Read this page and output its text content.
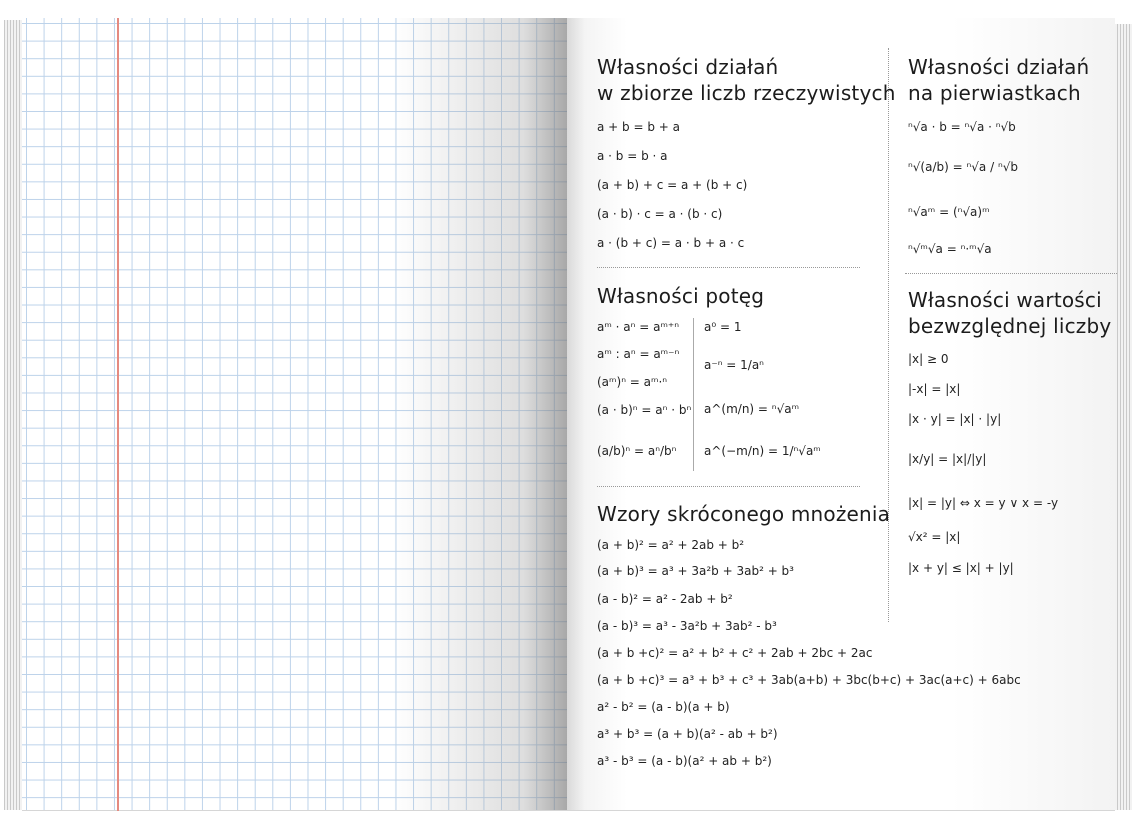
Własności działań
w zbiorze liczb rzeczywistych
a + b = b + a
a · b = b · a
(a + b) + c = a + (b + c)
(a · b) · c = a · (b · c)
a · (b + c) = a · b + a · c
Własności działań
na pierwiastkach
ⁿ√a · b = ⁿ√a · ⁿ√b
ⁿ√(a/b) = ⁿ√a / ⁿ√b
ⁿ√aᵐ = (ⁿ√a)ᵐ
ⁿ√ᵐ√a = ⁿ·ᵐ√a
Własności potęg
aᵐ · aⁿ = aᵐ⁺ⁿ
aᵐ : aⁿ = aᵐ⁻ⁿ
(aᵐ)ⁿ = aᵐ·ⁿ
(a · b)ⁿ = aⁿ · bⁿ
(a/b)ⁿ = aⁿ/bⁿ
a⁰ = 1
a⁻ⁿ = 1/aⁿ
a^(m/n) = ⁿ√aᵐ
a^(−m/n) = 1/ⁿ√aᵐ
Własności wartości
bezwzględnej liczby
|x| ≥ 0
|-x| = |x|
|x · y| = |x| · |y|
|x/y| = |x|/|y|
|x| = |y| ⇔ x = y ∨ x = -y
√x² = |x|
|x + y| ≤ |x| + |y|
Wzory skróconego mnożenia
(a + b)² = a² + 2ab + b²
(a + b)³ = a³ + 3a²b + 3ab² + b³
(a - b)² = a² - 2ab + b²
(a - b)³ = a³ - 3a²b + 3ab² - b³
(a + b +c)² = a² + b² + c² + 2ab + 2bc + 2ac
(a + b +c)³ = a³ + b³ + c³ + 3ab(a+b) + 3bc(b+c) + 3ac(a+c) + 6abc
a² - b² = (a - b)(a + b)
a³ + b³ = (a + b)(a² - ab + b²)
a³ - b³ = (a - b)(a² + ab + b²)
